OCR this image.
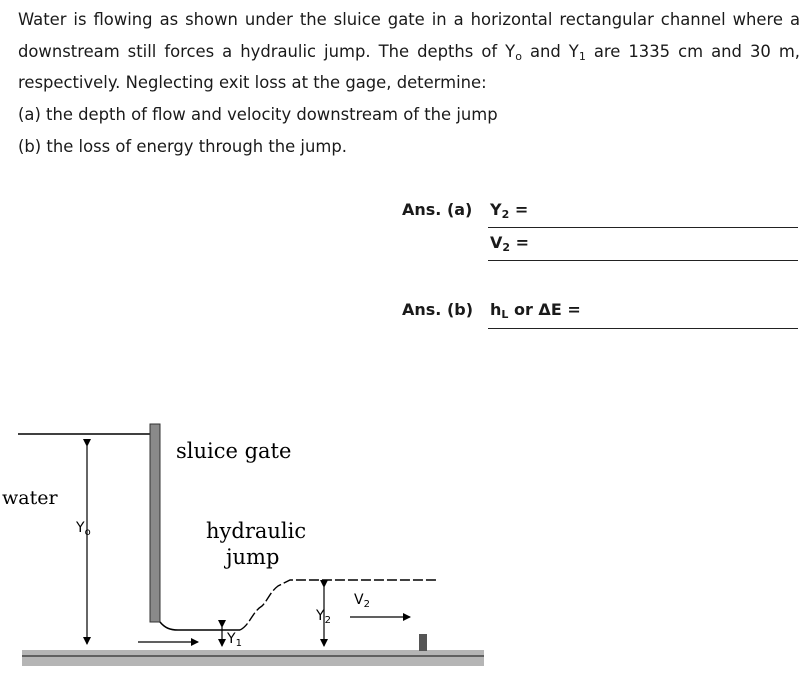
Water is flowing as shown under the sluice gate in a horizontal rectangular channel where a

downstream still forces a hydraulic jump. The depths of $Y_o$ and $Y_1$ are 1335 cm and 30 m,

respectively. Neglecting exit loss at the gage, determine:

(a) the depth of flow and velocity downstream of the jump

(b) the loss of energy through the jump.

Ans. (a) $Y_2$ =
$V_2$ =
Ans. (b) $h_L$ or ΔE =
water
sluice gate
hydraulic
jump
$Y_o$
$Y_1$
$Y_2$
$V_2$
